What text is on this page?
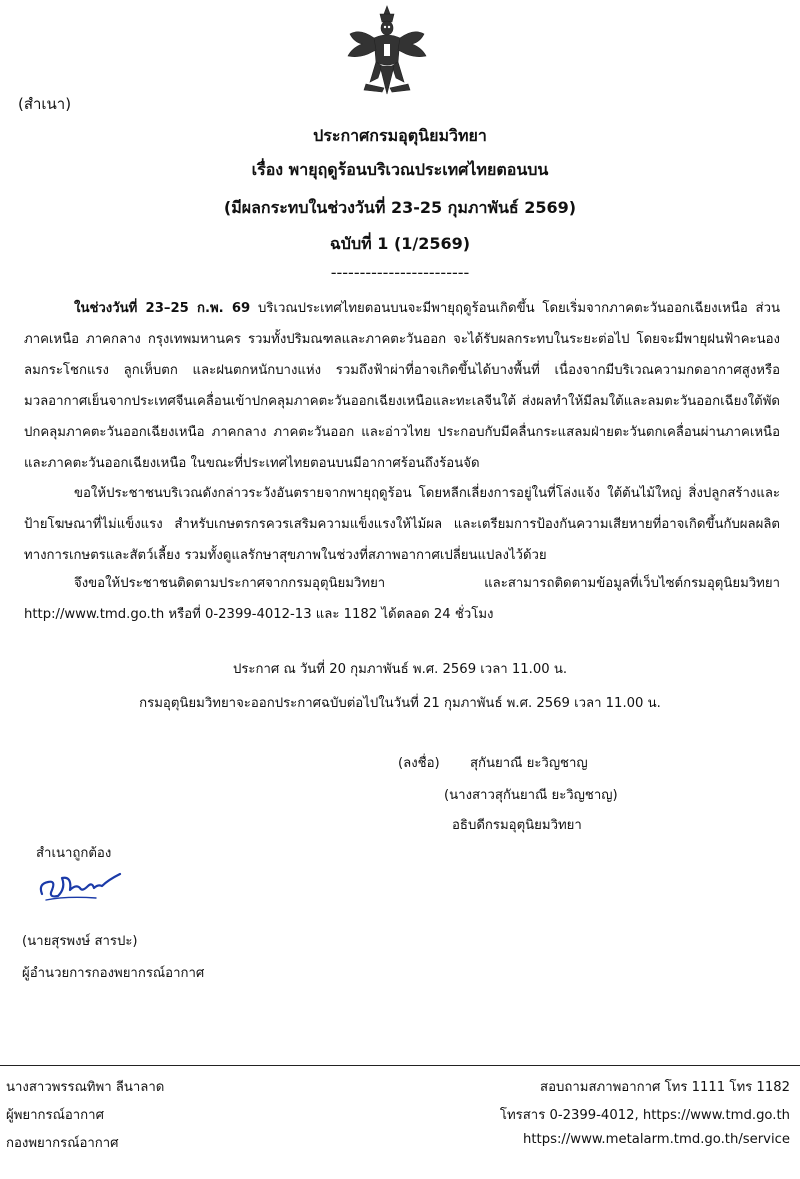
(สำเนา)
ประกาศกรมอุตุนิยมวิทยา
เรื่อง พายุฤดูร้อนบริเวณประเทศไทยตอนบน
(มีผลกระทบในช่วงวันที่ 23-25 กุมภาพันธ์ 2569)
ฉบับที่ 1 (1/2569)
------------------------
ในช่วงวันที่ 23–25 ก.พ. 69 บริเวณประเทศไทยตอนบนจะมีพายุฤดูร้อนเกิดขึ้น โดยเริ่มจากภาคตะวันออกเฉียงเหนือ ส่วนภาคเหนือ ภาคกลาง กรุงเทพมหานคร รวมทั้งปริมณฑลและภาคตะวันออก จะได้รับผลกระทบในระยะต่อไป โดยจะมีพายุฝนฟ้าคะนอง ลมกระโชกแรง ลูกเห็บตก และฝนตกหนักบางแห่ง รวมถึงฟ้าผ่าที่อาจเกิดขึ้นได้บางพื้นที่ เนื่องจากมีบริเวณความกดอากาศสูงหรือมวลอากาศเย็นจากประเทศจีนเคลื่อนเข้าปกคลุมภาคตะวันออกเฉียงเหนือและทะเลจีนใต้ ส่งผลทำให้มีลมใต้และลมตะวันออกเฉียงใต้พัดปกคลุมภาคตะวันออกเฉียงเหนือ ภาคกลาง ภาคตะวันออก และอ่าวไทย ประกอบกับมีคลื่นกระแสลมฝ่ายตะวันตกเคลื่อนผ่านภาคเหนือและภาคตะวันออกเฉียงเหนือ ในขณะที่ประเทศไทยตอนบนมีอากาศร้อนถึงร้อนจัด
ขอให้ประชาชนบริเวณดังกล่าวระวังอันตรายจากพายุฤดูร้อน โดยหลีกเลี่ยงการอยู่ในที่โล่งแจ้ง ใต้ต้นไม้ใหญ่ สิ่งปลูกสร้างและป้ายโฆษณาที่ไม่แข็งแรง สำหรับเกษตรกรควรเสริมความแข็งแรงให้ไม้ผล และเตรียมการป้องกันความเสียหายที่อาจเกิดขึ้นกับผลผลิตทางการเกษตรและสัตว์เลี้ยง รวมทั้งดูแลรักษาสุขภาพในช่วงที่สภาพอากาศเปลี่ยนแปลงไว้ด้วย
จึงขอให้ประชาชนติดตามประกาศจากกรมอุตุนิยมวิทยา และสามารถติดตามข้อมูลที่เว็บไซต์กรมอุตุนิยมวิทยา http://www.tmd.go.th หรือที่ 0-2399-4012-13 และ 1182 ได้ตลอด 24 ชั่วโมง
ประกาศ ณ วันที่ 20 กุมภาพันธ์ พ.ศ. 2569 เวลา 11.00 น.
กรมอุตุนิยมวิทยาจะออกประกาศฉบับต่อไปในวันที่ 21 กุมภาพันธ์ พ.ศ. 2569 เวลา 11.00 น.
(ลงชื่อ) สุกันยาณี ยะวิญชาญ
(นางสาวสุกันยาณี ยะวิญชาญ)
อธิบดีกรมอุตุนิยมวิทยา
สำเนาถูกต้อง
(นายสุรพงษ์ สารปะ)
ผู้อำนวยการกองพยากรณ์อากาศ
นางสาวพรรณทิพา ลีนาลาด
ผู้พยากรณ์อากาศ
กองพยากรณ์อากาศ
สอบถามสภาพอากาศ โทร 1111 โทร 1182
โทรสาร 0-2399-4012, https://www.tmd.go.th
https://www.metalarm.tmd.go.th/service
